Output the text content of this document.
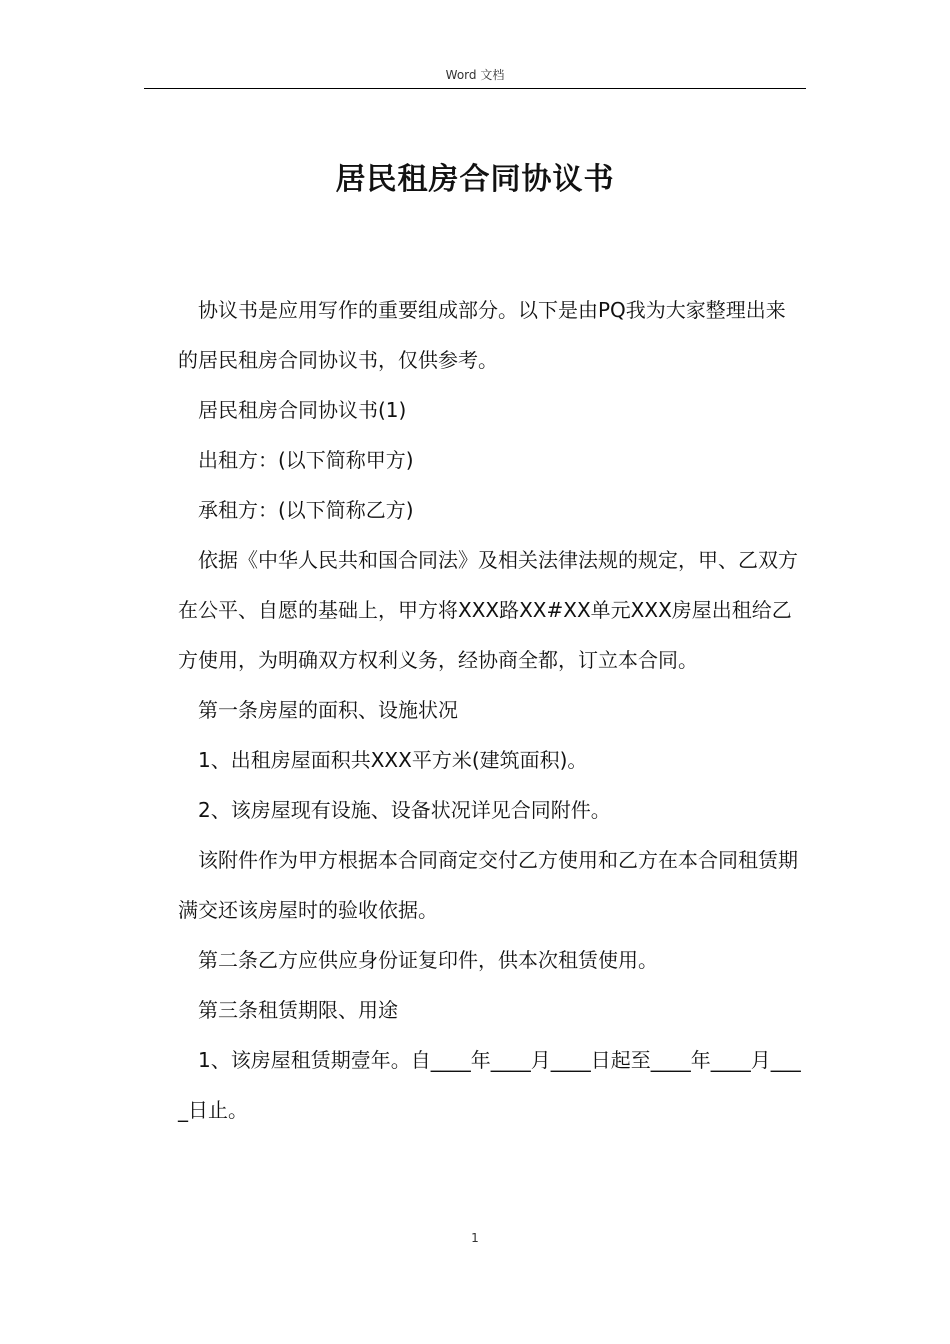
Word 文档
居民租房合同协议书

协议书是应用写作的重要组成部分。以下是由PQ我为大家整理出来的居民租房合同协议书，仅供参考。

居民租房合同协议书(1)

出租方：(以下简称甲方)

承租方：(以下简称乙方)

依据《中华人民共和国合同法》及相关法律法规的规定，甲、乙双方在公平、自愿的基础上，甲方将XXX路XX#XX单元XXX房屋出租给乙方使用，为明确双方权利义务，经协商全都，订立本合同。

第一条房屋的面积、设施状况

1、出租房屋面积共XXX平方米(建筑面积)。

2、该房屋现有设施、设备状况详见合同附件。

该附件作为甲方根据本合同商定交付乙方使用和乙方在本合同租赁期满交还该房屋时的验收依据。

第二条乙方应供应身份证复印件，供本次租赁使用。

第三条租赁期限、用途

1、该房屋租赁期壹年。自____年____月____日起至____年____月____日止。

1
